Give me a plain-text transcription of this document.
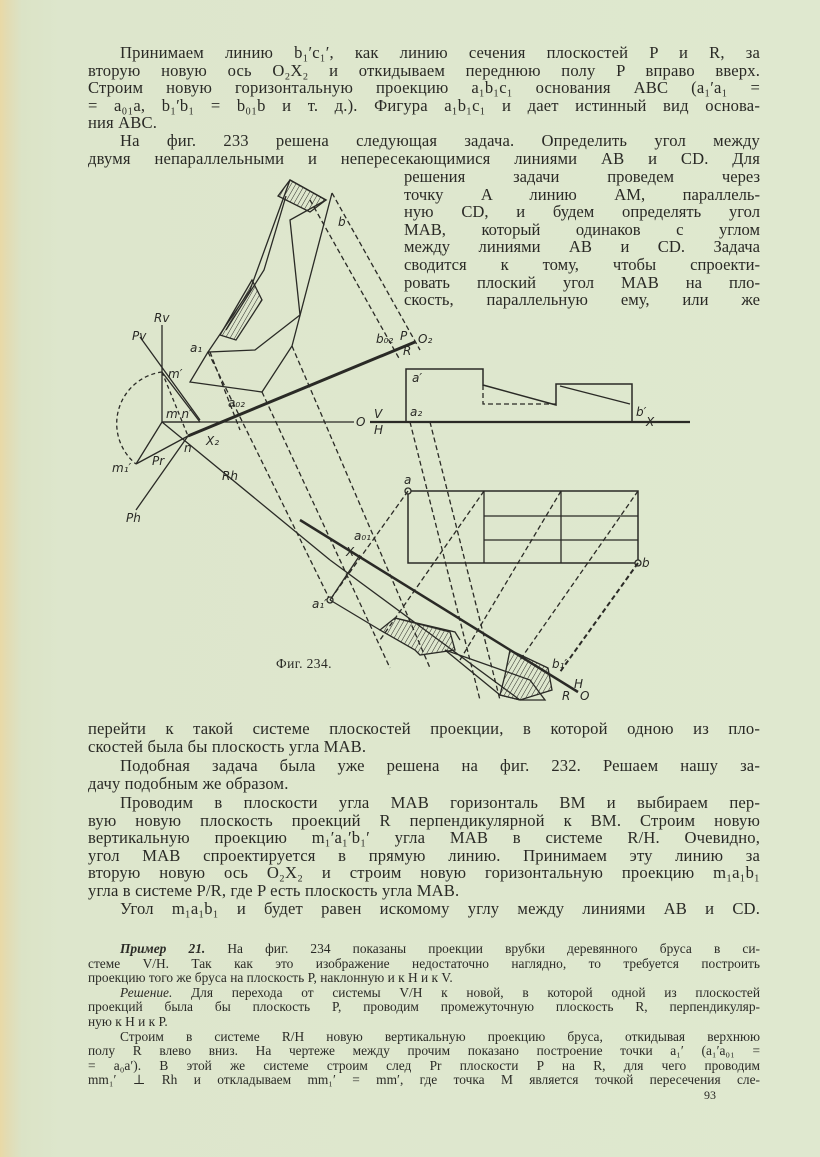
Принимаем линию b₁′c₁′, как линию сечения плоскостей P и R, за
вторую новую ось O₂X₂ и откидываем переднюю полу P вправо вверх.
Строим новую горизонтальную проекцию a₁b₁c₁ основания ABC (a₁′a₁ =
= a₀₁a, b₁′b₁ = b₀₁b и т. д.). Фигура a₁b₁c₁ и дает истинный вид основа-
ния ABC.
На фиг. 233 решена следующая задача. Определить угол между
двумя непараллельными и непересекающимися линиями AB и CD. Для
решения задачи проведем через
точку A линию AM, параллель-
ную CD, и будем определять угол
MAB, который одинаков с углом
между линиями AB и CD. Задача
сводится к тому, чтобы спроекти-
ровать плоский угол MAB на пло-
скость, параллельную ему, или же
Rv
Pv
m′
m n′
n X₂
m₁′ Pr
Rh
Ph
a₁
a₀₂
b
b₀₂ P
R
O₂
O
V
H
X
a′
a₂	b′
a
b
a₀₁
X
a₁′
b₁′
H
O
R
Фиг. 234.
перейти к такой системе плоскостей проекции, в которой одною из пло-
скостей была бы плоскость угла MAB.
Подобная задача была уже решена на фиг. 232. Решаем нашу за-
дачу подобным же образом.
Проводим в плоскости угла MAB горизонталь BM и выбираем пер-
вую новую плоскость проекций R перпендикулярной к BM. Строим новую
вертикальную проекцию m₁′a₁′b₁′ угла MAB в системе R/H. Очевидно,
угол MAB спроектируется в прямую линию. Принимаем эту линию за
вторую новую ось O₂X₂ и строим новую горизонтальную проекцию m₁a₁b₁
угла в системе P/R, где P есть плоскость угла MAB.
Угол m₁a₁b₁ и будет равен искомому углу между линиями AB и CD.
Пример 21. На фиг. 234 показаны проекции врубки деревянного бруса в си-
стеме V/H. Так как это изображение недостаточно наглядно, то требуется построить
проекцию того же бруса на плоскость P, наклонную и к H и к V.
Решение. Для перехода от системы V/H к новой, в которой одной из плоскостей
проекций была бы плоскость P, проводим промежуточную плоскость R, перпендикуляр-
ную к H и к P.
Строим в системе R/H новую вертикальную проекцию бруса, откидывая верхнюю
полу R влево вниз. На чертеже между прочим показано построение точки a₁′ (a₁′a₀₁ =
= a₀a′). В этой же системе строим след Pr плоскости P на R, для чего проводим
mm₁′ ⊥ Rh и откладываем mm₁′ = mm′, где точка M является точкой пересечения сле-
93
